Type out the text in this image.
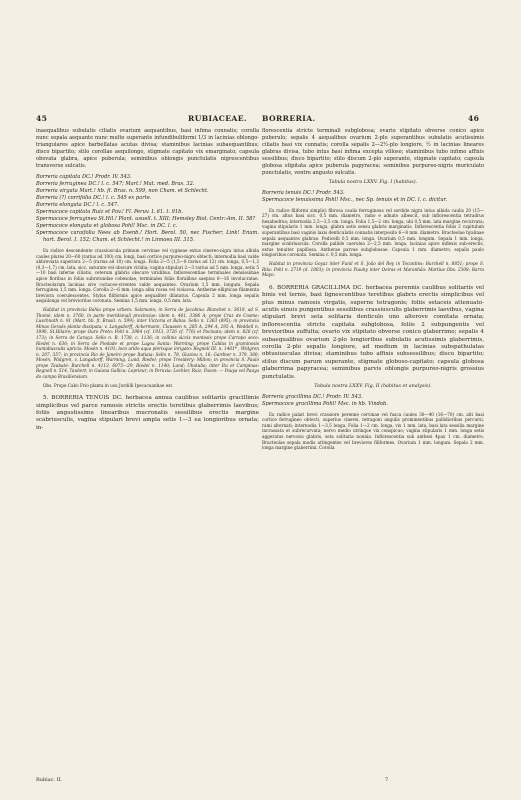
45	RUBIACEAE. BORRERIA.	46

inaequalibus subulatis ciliatis ovarium aequantibus, basi infima connatis; corolla nunc sepala aequante nunc multo superante infundibuliformi 1/3 in lacinias oblongo-triangulares apice barbellatas acutas divisa; staminibus lacinias subaequantibus; disco bipartito; stilo corollae aequilongo, stigmate capitato vix emarginato; capsula obovata glabra, apice puberula; seminibus oblongis punctulatis nigrescentibus transverse sulcatis.

Borreria capitata DC.! Prodr. IV. 543.

Borreria ferruginea DC.! l. c. 547; Mart.! Mat. med. Bras. 32.

Borreria virgata Mart.! hb. fl. Bras. n. 599, non Cham. et Schlecht.

Borreria (?) corrifolia DC.! l. c. 545 ex parte.

Borreria elongata DC.! l. c. 547.

Spermacoce capitata Ruiz et Pav.! Fl. Peruv. I. 61. t. 91b.

Spermacoce ferruginea St.Hil.! Plant. usuell. t. XIII; Hemsley Biol. Centr.-Am. II. 58?

Spermacoce elongata et globosa Pohl! Msc. in DC. l. c.

Spermacoce caraifolia Nees ab Esenb.! Hort. Berol. 50, nec Fischer; Link! Enum. hort. Berol. I. 152; Cham. et Schlecht.! in Linnaea III. 315.

Ex radice descendente crassiuscula primum cervinae vel cygneae extus cinereo-nigra intus albida caules plures 20—60 (rarius ad 100) cm. longi, basi cortice purpureo-nigro obtecti; internodia basi valde abbreviata superiora 2—5 (rarius ad 10) cm. longa. Folia 2—5 (1,5—8 rarius ad 12) cm. longa, 0,5—1,2 (0,3—1,7) cm. lata, sicc. saturate vel obscure viridia; vagina stipulari 2—3 rarius ad 5 mm. longa, setis 5—10 basi inferne ciliatis, ceterum glabris obscure viridibus. Inflorescentiae terminales densissimae apice floribus in foliis subrotundae cobesolae, terminales foliis floralibus saepius 8—16 involucratae. Bracteolarum lacinias sive coriaceo-virentes valde aequantes. Ovarium 1,5 mm. longum. Sepala ferruginea 1,5 mm. longa. Corolla 2—6 mm. longa alba rosea vel violacea. Antherae ellipticae filamenta breviora coerulescentes. Stylus filiformis apice aequaliter dilatatus. Capsula 2 mm. longa sepalis aequilonga vel breviorilus coronata. Semina 1,5 mm. longa, 0,5 mm. lata.

Habitat in provincia Bahia prope urbem: Salzmann; in Serra de Jacobina: Blanchet n. 3619, ad S. Thomé, idem n. 3760, in parte meridionali provinciae: idem n. 401, 3306 A; prope Cruz de Cosme: Luschnath n. 91 (Mart. hb. fl. Brasil. n. 599); inter Victoria et Bahia: Sello n. 1363 (695); in provincia Minas Geraës planta dissipata: v. Langsdorff, Ackermann, Claussen n. 285 A, 294 A, 295 A, Weddell n. 1096, St.Hilaire; prope Ouro Preto: Pohl n. 2964 (cf. 1913, 3726 cf. 776) et Pocinato; idem n. 826 (cf. 173); in Serra de Caraça: Sello n. B. 1738, c. 1136; in collinis siccis montosis prope Carrapo seco: Riedel n. 636; in Serra de Piedade et prope Lagoa Santa: Warming; prope Caldas in graminosis humidiusculis apricis: Mosén n. 4101; loco arido aqua plerisque inrigato: Regnell III. n. 1461* , Widgren n. 207, 357; in provincia Rio de Janeiro prope Itatiaia: Sello n. 78, Glaziou n. 16; Gardner n. 379, 380; Mosén, Widgren, v. Langsdorff, Warming, Lund, Riedel; prope Tresidery: Milton; in provincia S. Paulo prope Taubaté: Burchell n. 4113, 6075—29, Riedel n. 1140; Lund; Ubatuba; inter Itu et Campinas: Regnell n. 514, Taubert; in Guiana Gallica: Leprieur; in Peruvia: Lechler, Ruiz, Pavon. — Pauya vel Pauya do campo Brasiliensium.

Obs. Prope Cabo Frio planta in usu Jurdilli Ipecacuanhae est.

5. BORRERIA TENUIS DC. herbacea annua caulibus solitariis gracillimis simplicibus vel parce ramosis strictis erectis teretibus glaberrimis laevibus; foliis angustissime linearibus mucronatis sessilibus erectis margine scabriusculis, vagina stipulari brevi ampla setis 1—3 ea longioribus ornata; in-

florescentia stricte terminali subglobosa; ovario stipitato obverse conico apice puberulo; sepalis 4 aequalibus ovarium 2-plo superantibus subulatis acutissimis ciliatis basi vix connatis; corolla sepalis 2—2½-plo longiore, ½ in lacinias lineares glabras divisa, tubo intus basi infima excepta villoso; staminibus tubo infimo affixis sessilibus; disco bipartito; stilo discum 2-plo superante, stigmate capitato; capsula globosa stipitata apice puberula papyracea; seminibus purpureo-nigris muriculato punctulatis, ventre angusto sulcatis.

Tabula nostra LXXV. Fig. I (habitus).

Borreria tenuis DC.! Prodr. 543.

Spermacoce tenuissima Pohl! Msc., nec Sp. tenuis et in DC. l. c. dicitur.

Ex radice filiformi simplici fibrosa caulis ferrugineus vel sordide nigra intus albida caulis 20 (15—27) cm. altus basi sicc. 0,5 mm. diametro, ramo e adnato albescit, sub inflorescentia tetradrus hexahedrus; internodia 2,5—3,5 cm. longa. Folia 1,5—2 cm. longa, ubi 0,5 mm. lata margine recurvata; vagina stipularis 1 mm. longa, glabra setis sensu glabris marginatis. Inflorescentia foliis 2 capitulum superantibus basi vaginis laxis denticulatis connatis interposito 6—8 mm. diametro. Bracteolae hyalinae sepala aequantes glabrae. Pedicelli 0,5 mm. longa. Ovarium 0,5 mm. longum. Sepala 1 mm. longa, margine scabriuscula. Corolla pallide caerulea 2—2,5 mm. longa, lacinias apice inflexis sub-erectis, extus tenuiter papillosa. Antherae parvae subglobosae. Capsula 1 mm. diametro, sepalis paulo longioribus coronata. Semina c. 0,5 mm. longa.

Habitat in provincia Goyaz inter Funil et S. João del Rey in Tocantins: Burchell n. 8851; prope S. Rita: Pohl n. 2719 (d. 1803); in provincia Piauhy inter Oeiras et Maranhão: Martius Obs. 2308; Barra Mayo.

6. BORRERIA GRACILLIMA DC. herbacea perennis caulibus solitariis vel binis vel ternis, basi lignescentibus teretibus glabris erectis simplicibus vel plus minus ramosis virgatis, superne tetragonis; foliis setaceis attenuato-acutis sinuis pungentibus sessilibus crassiusculis glaberrimis laevibus, vagina stipulari brevi seta solitaria denticulo uno alterove comitata ornata; inflorescentia stricte capitata subglobosa, foliis 2 subpungentis vel brevioribus suffulta; ovario vix stipitato obverse conico glaberrimo; sepalis 4 subaequalibus ovarium 2-plo longioribus subulatis acutissimis glaberrimis, corolla 2-plo sepalis longiore, ad medium in lacinias subspathulatas obtusiusculas divisa; staminibus tubo affixis subsessilibus; disco bipartito; stilus discum parum superante, stigmate globoso-capitato; capsula globosa glaberrima papyracea; seminibus parvis oblongis purpureo-nigris grossius punctulatis.

Tabula nostra LXXV. Fig. II (habitus et analysis).

Borreria gracillima DC.! Prodr. IV. 543.

Spermacoce gracillima Pohl! Msc. in hb. Vindob.

Ex radice palari brevi crassiore perenne cervinae vel fusca caules 30—40 (16—70) cm. alti basi cortice ferrugineo obtecti, superius cinerei, tetragoni angulis prominentibus pallidioribus percursi, rami alternati; internodia 1—3,5 longa. Folia 1—2 cm. longa, vix 1 mm. lata, basi lata sessilia margine incrassata et subrecurvata; nervo medio utrinque vix conspicuo; vagina stipularis 1 mm. longa setis aggeratus nervosis glabris, seta solitaria nonnia. Inflorescentia sub anthesi 4pax 1 cm. diametro. Bracteolae sepala modis attingentes vel breviores filiformes. Ovarium 1 mm. longum. Sepala 2 mm. longa margine glaberrimi. Corolla

Rubiac. II.	7
